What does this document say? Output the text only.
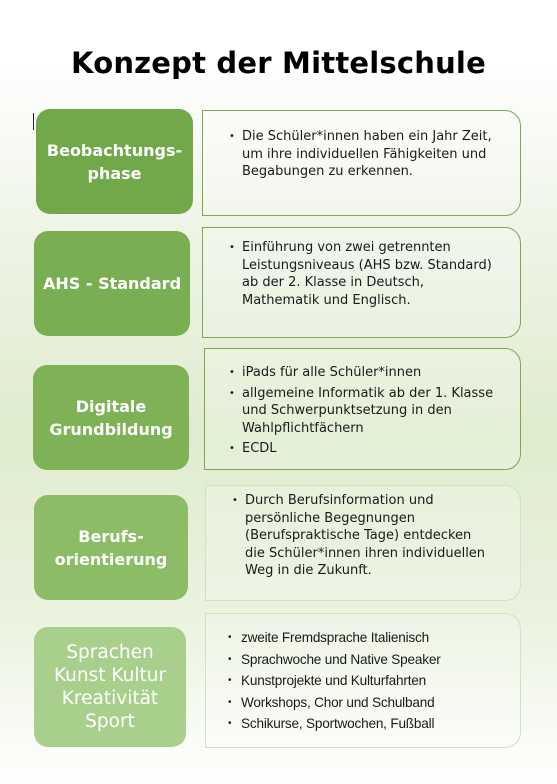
Konzept der Mittelschule
Beobachtungs-
phase
• Die Schüler*innen haben ein Jahr Zeit, um ihre individuellen Fähigkeiten und Begabungen zu erkennen.
AHS - Standard
• Einführung von zwei getrennten Leistungsniveaus (AHS bzw. Standard) ab der 2. Klasse in Deutsch, Mathematik und Englisch.
Digitale
Grundbildung
• iPads für alle Schüler*innen
• allgemeine Informatik ab der 1. Klasse und Schwerpunktsetzung in den Wahlpflichtfächern
• ECDL
Berufs-
orientierung
• Durch Berufsinformation und persönliche Begegnungen (Berufspraktische Tage) entdecken die Schüler*innen ihren individuellen Weg in die Zukunft.
Sprachen
Kunst Kultur
Kreativität
Sport
• zweite Fremdsprache Italienisch
• Sprachwoche und Native Speaker
• Kunstprojekte und Kulturfahrten
• Workshops, Chor und Schulband
• Schikurse, Sportwochen, Fußball
